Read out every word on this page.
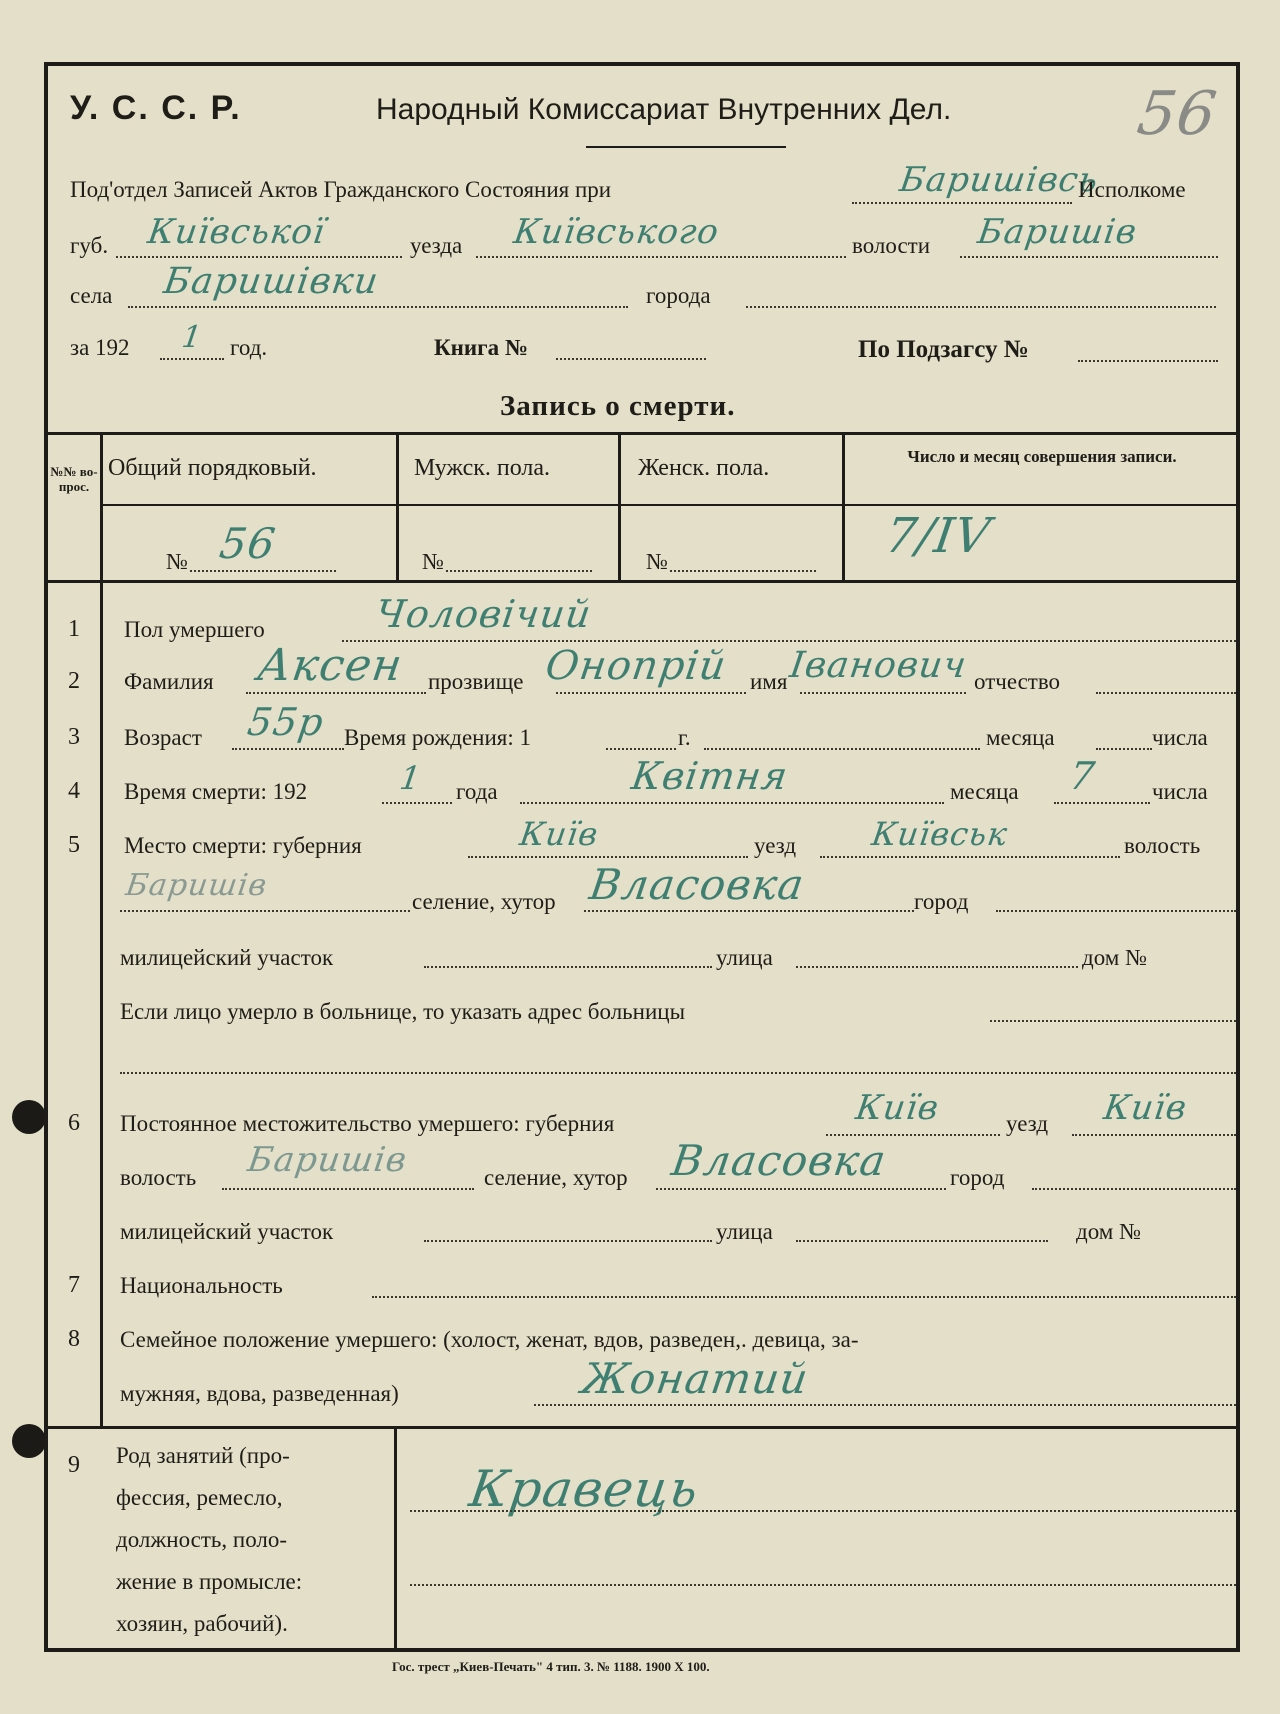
56
У. С. С. Р.	Народный Комиссариат Внутренних Дел.
Под'отдел Записей Актов Гражданского Состояния при	Баришівсь
Исполкоме
губ. Київської	уезда Київського	волости Баришів
села Баришівки	города
за 192 1 год.	Книга №	По Подзагсу №
Запись о смерти.
№№ во-прос.
Общий порядковый.	Мужск. пола.	Женск. пола.	Число и месяц совершения записи.
№ 56	№	№	7/IV
1	Пол умершего	Чоловічий
2	Фамилия Аксен прозвище Онопрій имя Іванович отчество
3	Возраст 55р Время рождения: 1	г.	месяца	числа
4	Время смерти: 192	1 года	Квітня	месяца 7 числа
5	Место смерти: губерния	Київ	уезд Київськ	волость
Баришів	селение, хутор Власовка	город
милицейский участок	улица	дом №
Если лицо умерло в больнице, то указать адрес больницы
6	Постоянное местожительство умершего: губерния	Київ	уезд Київ
волость Баришів	селение, хутор Власовка	город
милицейский участок	улица	дом №
7	Национальность
8	Семейное положение умершего: (холост, женат, вдов, разведен,. девица, за-
мужняя, вдова, разведенная)	Жонатий
9	Род занятий (про-
фессия, ремесло,
должность, поло-
жение в промысле:
хозяин, рабочий).
Кравець
Гос. трест „Киев-Печать" 4 тип. 3. № 1188. 1900 Х 100.
